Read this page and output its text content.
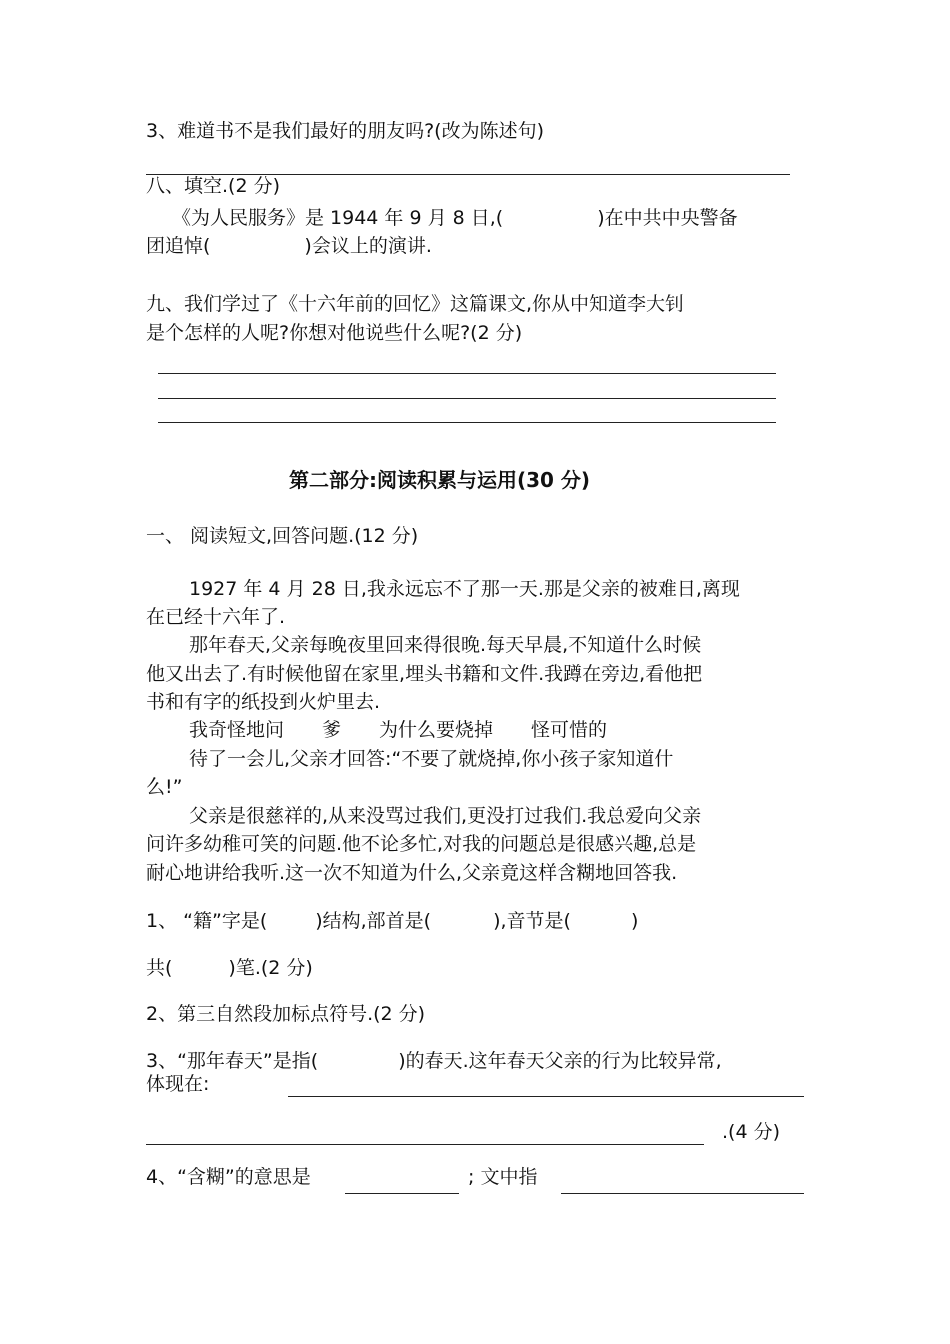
3、难道书不是我们最好的朋友吗?(改为陈述句)
八、填空.(2 分)
《为人民服务》是 1944 年 9 月 8 日,(	)在中共中央警备
团追悼(	)会议上的演讲.
九、我们学过了《十六年前的回忆》这篇课文,你从中知道李大钊
是个怎样的人呢?你想对他说些什么呢?(2 分)
第二部分:阅读积累与运用(30 分)
一、 阅读短文,回答问题.(12 分)
1927 年 4 月 28 日,我永远忘不了那一天.那是父亲的被难日,离现
在已经十六年了.
那年春天,父亲每晚夜里回来得很晚.每天早晨,不知道什么时候
他又出去了.有时候他留在家里,埋头书籍和文件.我蹲在旁边,看他把
书和有字的纸投到火炉里去.
我奇怪地问 爹 为什么要烧掉 怪可惜的
待了一会儿,父亲才回答:“不要了就烧掉,你小孩子家知道什
么!”
父亲是很慈祥的,从来没骂过我们,更没打过我们.我总爱向父亲
问许多幼稚可笑的问题.他不论多忙,对我的问题总是很感兴趣,总是
耐心地讲给我听.这一次不知道为什么,父亲竟这样含糊地回答我.
1、 “籍”字是(	)结构,部首是(	),音节是(	)
共(	)笔.(2 分)
2、第三自然段加标点符号.(2 分)
3、“那年春天”是指(	)的春天.这年春天父亲的行为比较异常,
体现在:
.(4 分)
4、“含糊”的意思是	; 文中指
